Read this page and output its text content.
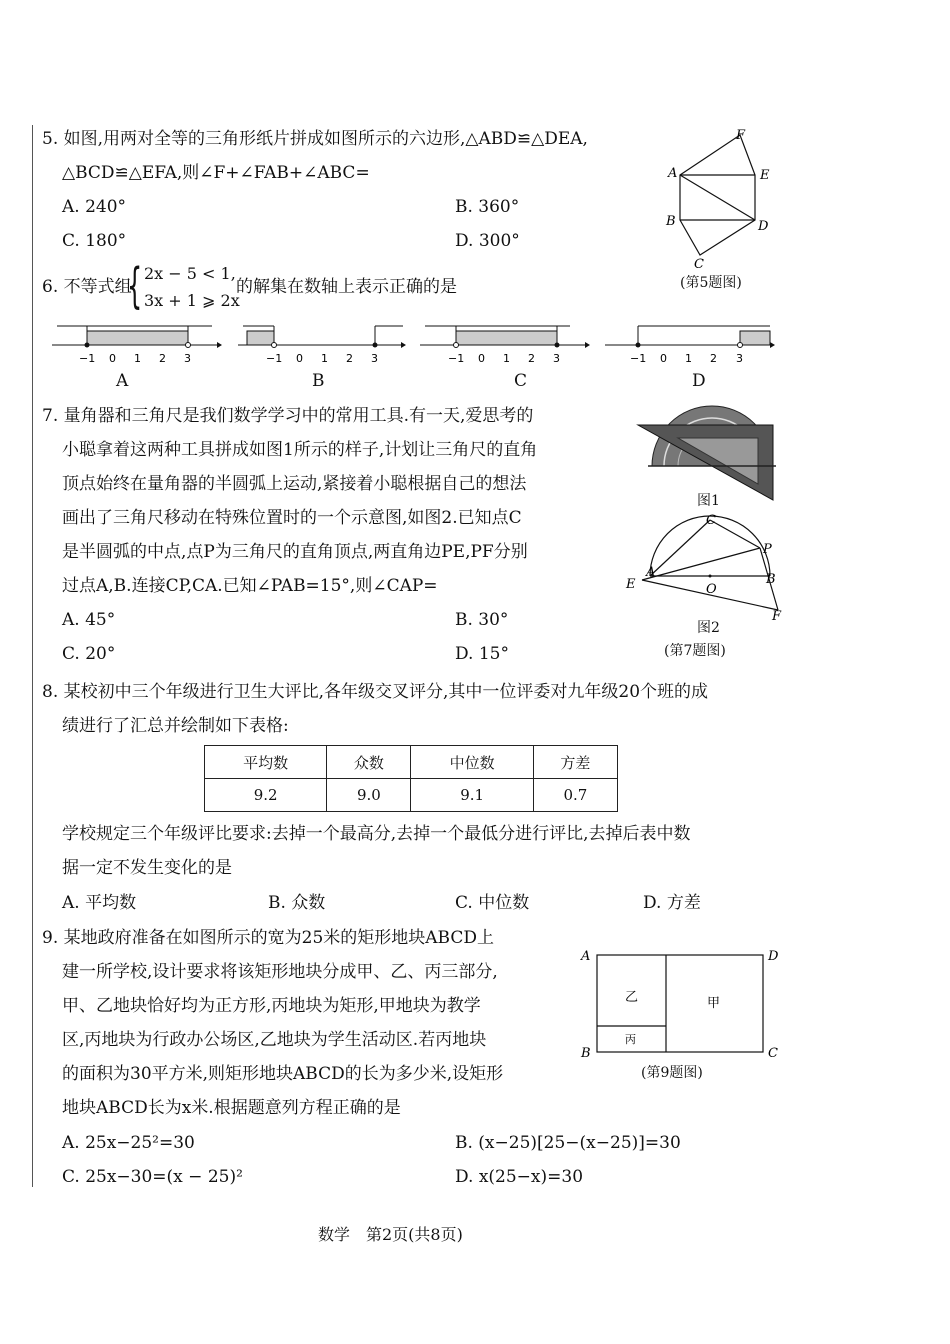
5. 如图,用两对全等的三角形纸片拼成如图所示的六边形,△ABD≌△DEA,
△BCD≌△EFA,则∠F+∠FAB+∠ABC=
A. 240°	B. 360°
C. 180°	D. 300°
F
A	E
B	D
C
(第5题图)
6. 不等式组
{ 2x − 5 < 1,
3x + 1 ⩾ 2x
的解集在数轴上表示正确的是
−1 0 1 2 3
A
−1 0 1 2 3
B
−1 0 1 2 3
C
−1 0 1 2 3
D
7. 量角器和三角尺是我们数学学习中的常用工具.有一天,爱思考的
小聪拿着这两种工具拼成如图1所示的样子,计划让三角尺的直角
顶点始终在量角器的半圆弧上运动,紧接着小聪根据自己的想法
画出了三角尺移动在特殊位置时的一个示意图,如图2.已知点C
是半圆弧的中点,点P为三角尺的直角顶点,两直角边PE,PF分别
过点A,B.连接CP,CA.已知∠PAB=15°,则∠CAP=
A. 45°	B. 30°
C. 20°	D. 15°
图1
C
P
A
E	O
B
F
图2
(第7题图)
8. 某校初中三个年级进行卫生大评比,各年级交叉评分,其中一位评委对九年级20个班的成
绩进行了汇总并绘制如下表格:
平均数	众数	中位数	方差
9.2	9.0	9.1	0.7
学校规定三个年级评比要求:去掉一个最高分,去掉一个最低分进行评比,去掉后表中数
据一定不发生变化的是
A. 平均数	B. 众数	C. 中位数	D. 方差
9. 某地政府准备在如图所示的宽为25米的矩形地块ABCD上
建一所学校,设计要求将该矩形地块分成甲、乙、丙三部分,
甲、乙地块恰好均为正方形,丙地块为矩形,甲地块为教学
区,丙地块为行政办公场区,乙地块为学生活动区.若丙地块
的面积为30平方米,则矩形地块ABCD的长为多少米,设矩形
地块ABCD长为x米.根据题意列方程正确的是
A. 25x−25²=30	B. (x−25)[25−(x−25)]=30
C. 25x−30=(x − 25)²	D. x(25−x)=30
A	D
B	C
乙	甲
丙
(第9题图)
数学　第2页(共8页)
